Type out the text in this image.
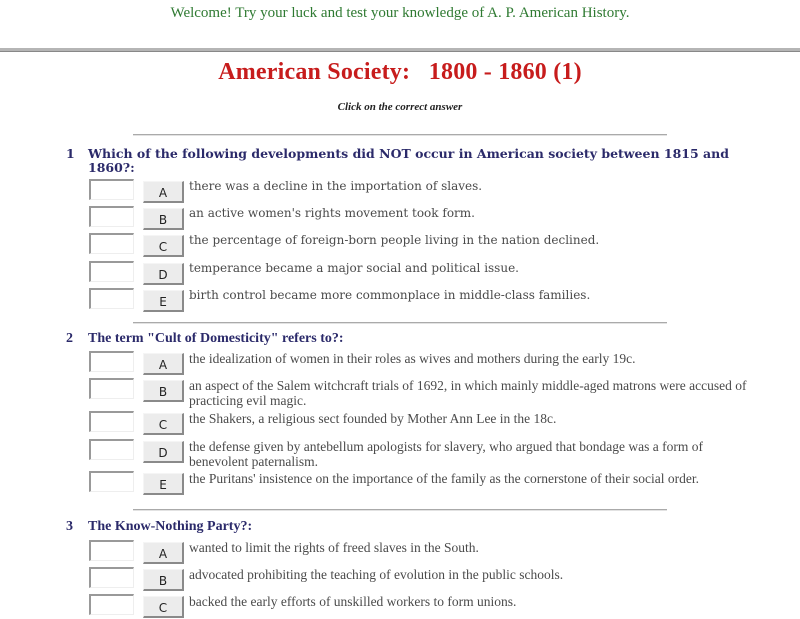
Welcome! Try your luck and test your knowledge of A. P. American History.
American Society:   1800 - 1860 (1)
Click on the correct answer
1	Which of the following developments did NOT occur in American society between 1815 and 1860?:
A	there was a decline in the importation of slaves.
B	an active women's rights movement took form.
C	the percentage of foreign-born people living in the nation declined.
D	temperance became a major social and political issue.
E	birth control became more commonplace in middle-class families.
2	The term "Cult of Domesticity" refers to?:
A	the idealization of women in their roles as wives and mothers during the early 19c.
B	an aspect of the Salem witchcraft trials of 1692, in which mainly middle-aged matrons were accused of practicing evil magic.
C	the Shakers, a religious sect founded by Mother Ann Lee in the 18c.
D	the defense given by antebellum apologists for slavery, who argued that bondage was a form of benevolent paternalism.
E	the Puritans' insistence on the importance of the family as the cornerstone of their social order.
3	The Know-Nothing Party?:
A	wanted to limit the rights of freed slaves in the South.
B	advocated prohibiting the teaching of evolution in the public schools.
C	backed the early efforts of unskilled workers to form unions.
